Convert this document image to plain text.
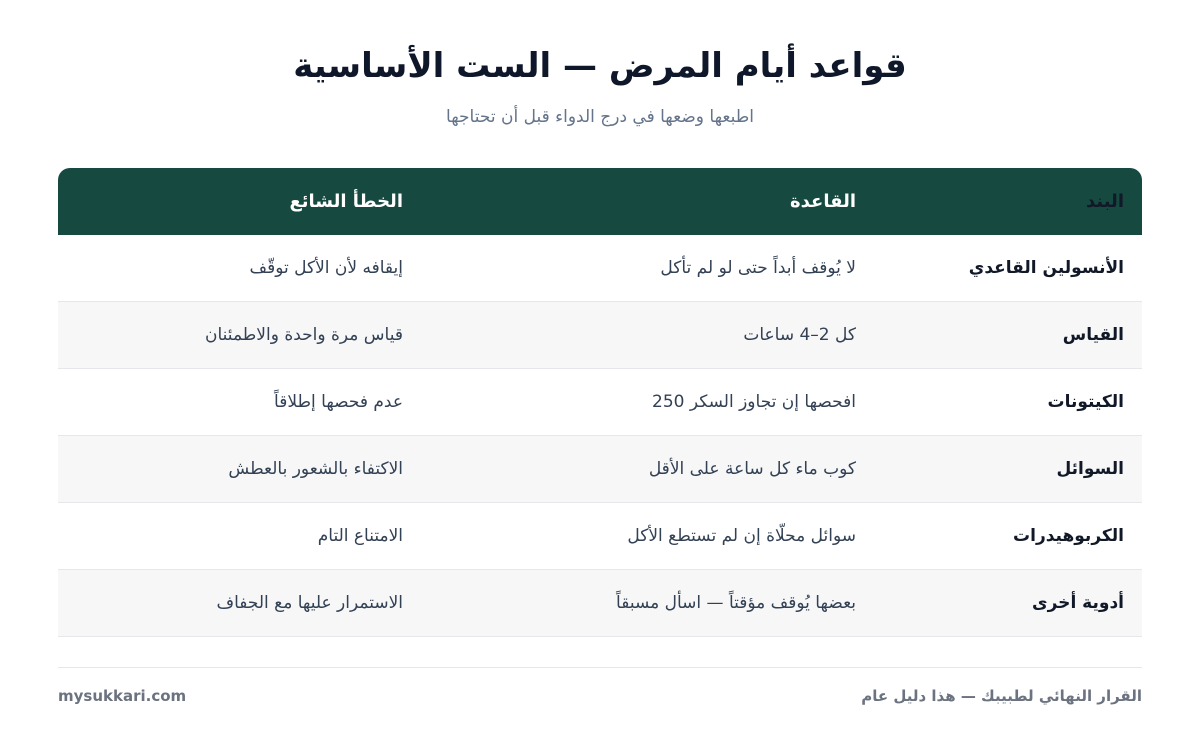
قواعد أيام المرض — الست الأساسية

اطبعها وضعها في درج الدواء قبل أن تحتاجها

البند
القاعدة
الخطأ الشائع
الأنسولين القاعدي
لا يُوقف أبداً حتى لو لم تأكل
إيقافه لأن الأكل توقّف
القياس
كل 2–4 ساعات
قياس مرة واحدة والاطمئنان
الكيتونات
افحصها إن تجاوز السكر 250
عدم فحصها إطلاقاً
السوائل
كوب ماء كل ساعة على الأقل
الاكتفاء بالشعور بالعطش
الكربوهيدرات
سوائل محلّاة إن لم تستطع الأكل
الامتناع التام
أدوية أخرى
بعضها يُوقف مؤقتاً — اسأل مسبقاً
الاستمرار عليها مع الجفاف
القرار النهائي لطبيبك — هذا دليل عام
mysukkari.com
